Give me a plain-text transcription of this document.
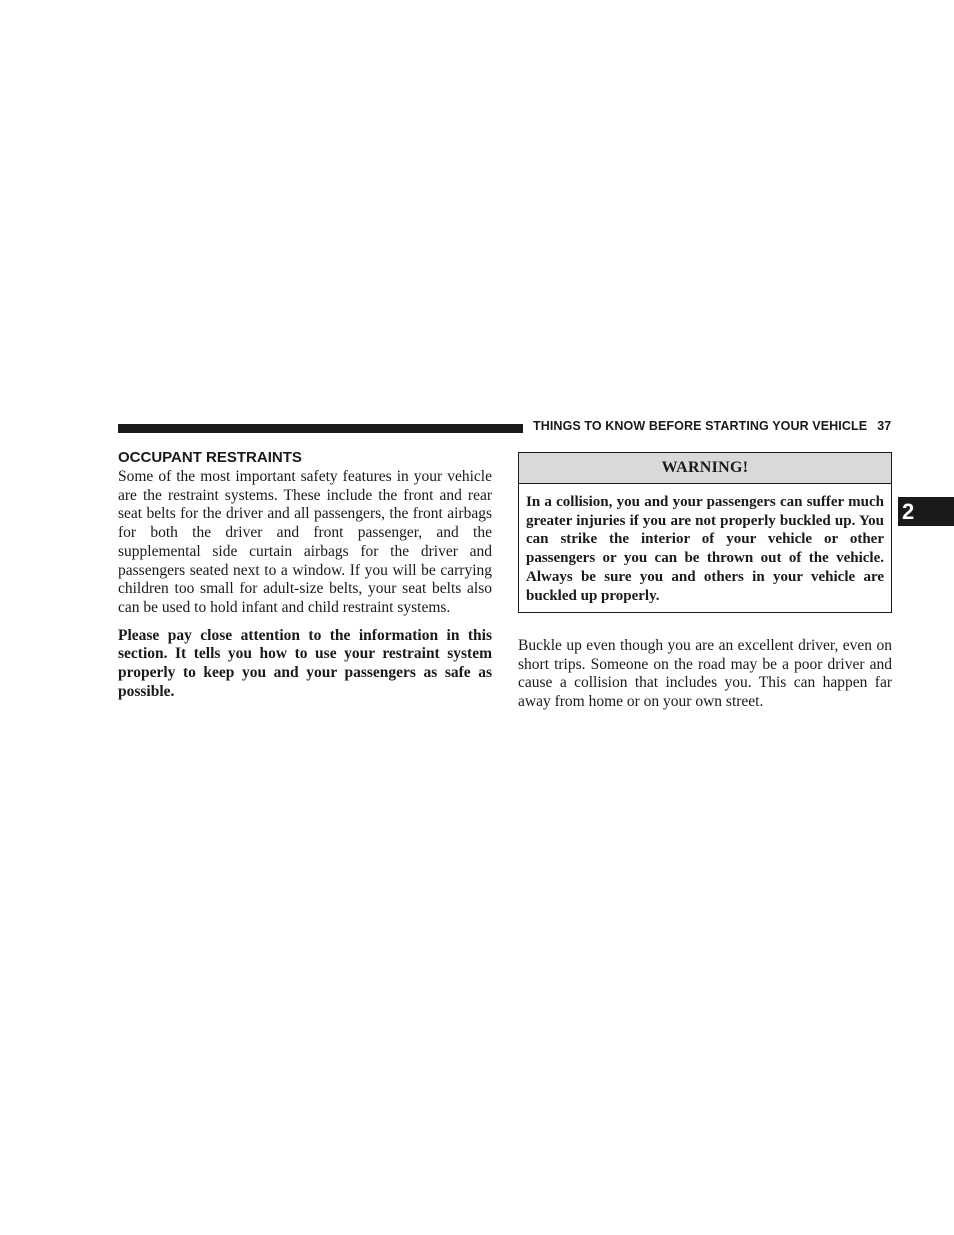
THINGS TO KNOW BEFORE STARTING YOUR VEHICLE 37
2
OCCUPANT RESTRAINTS

Some of the most important safety features in your vehicle are the restraint systems. These include the front and rear seat belts for the driver and all passengers, the front airbags for both the driver and front passenger, and the supplemental side curtain airbags for the driver and passengers seated next to a window. If you will be carrying children too small for adult-size belts, your seat belts also can be used to hold infant and child restraint systems.

Please pay close attention to the information in this section. It tells you how to use your restraint system properly to keep you and your passengers as safe as possible.

WARNING!
In a collision, you and your passengers can suffer much greater injuries if you are not properly buckled up. You can strike the interior of your vehicle or other passengers or you can be thrown out of the vehicle. Always be sure you and others in your vehicle are buckled up properly.

Buckle up even though you are an excellent driver, even on short trips. Someone on the road may be a poor driver and cause a collision that includes you. This can happen far away from home or on your own street.
